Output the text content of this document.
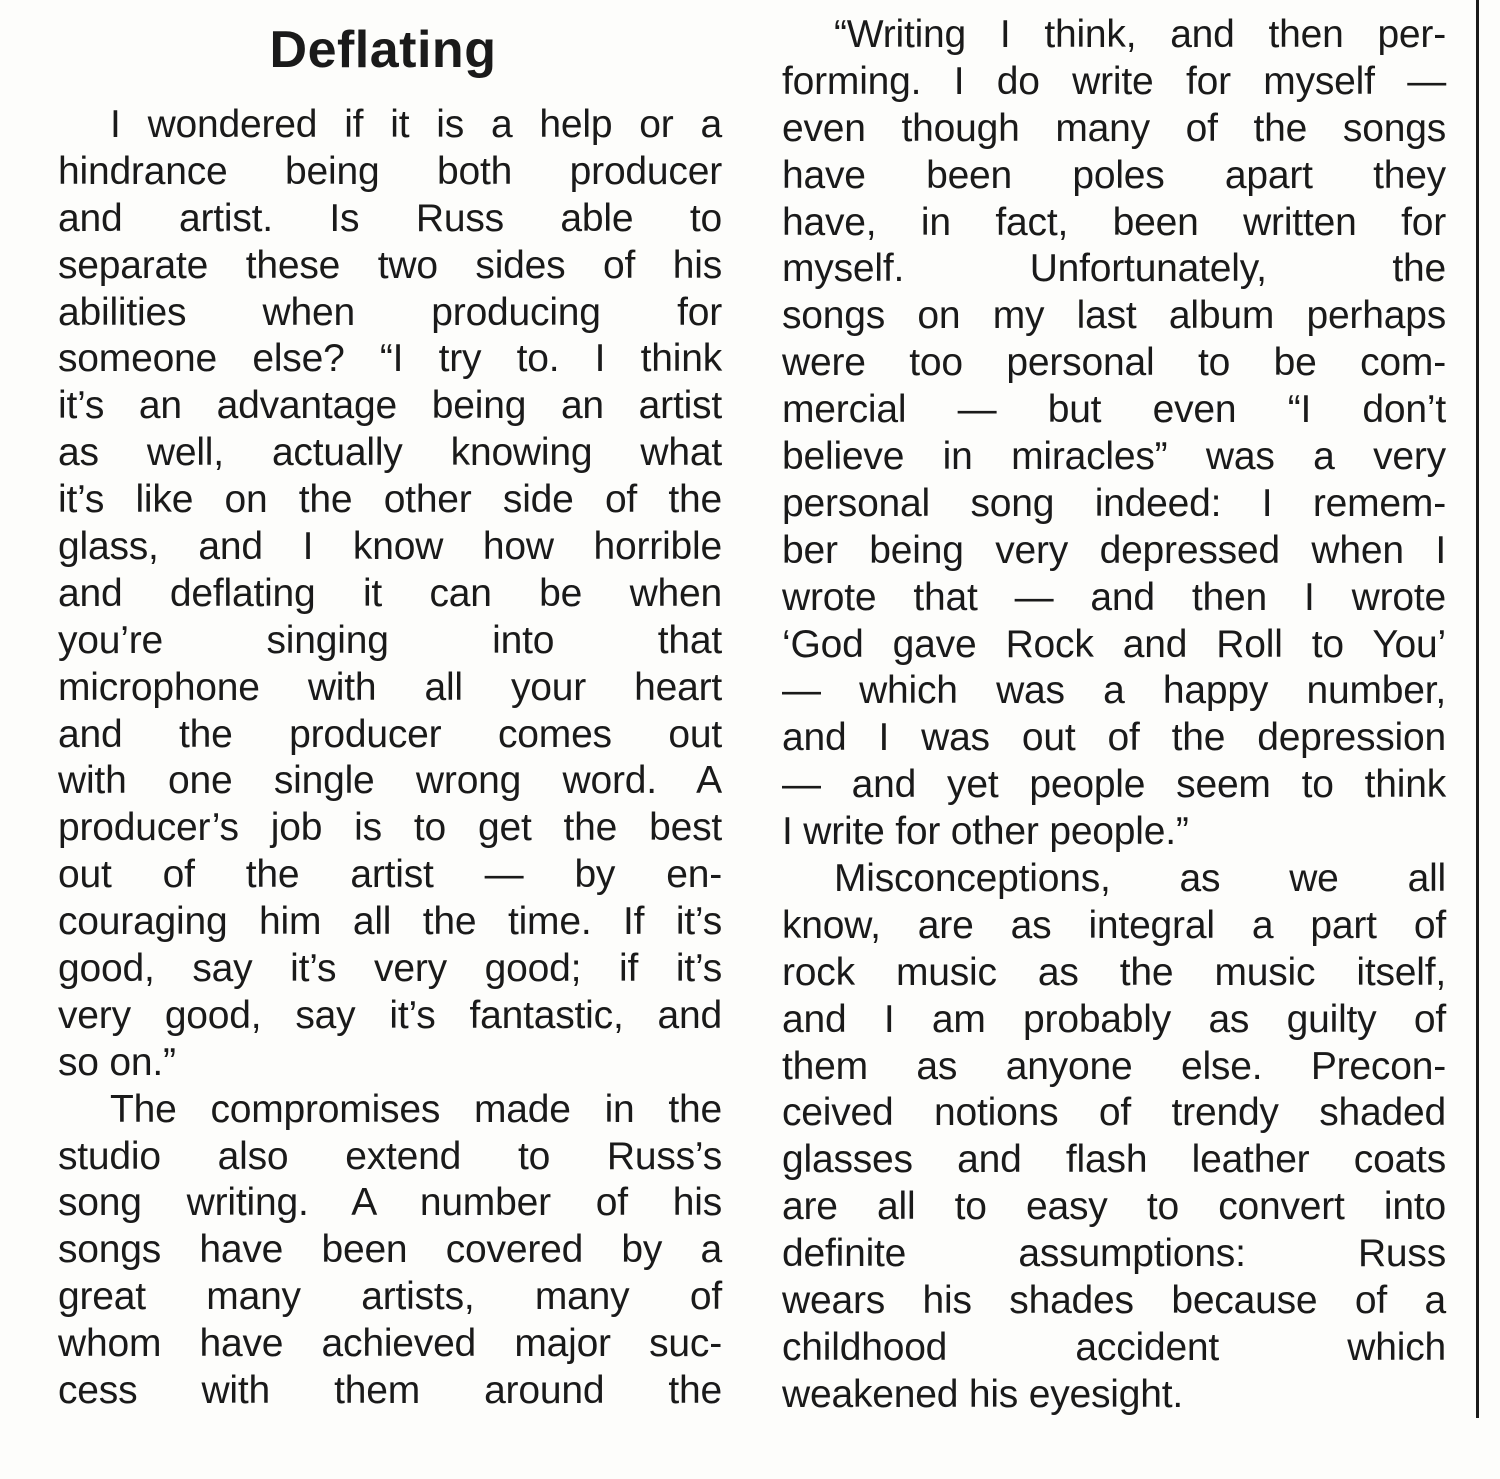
Deflating
I wondered if it is a help or a
hindrance being both producer
and artist. Is Russ able to
separate these two sides of his
abilities when producing for
someone else? “I try to. I think
it’s an advantage being an artist
as well, actually knowing what
it’s like on the other side of the
glass, and I know how horrible
and deflating it can be when
you’re singing into that
microphone with all your heart
and the producer comes out
with one single wrong word. A
producer’s job is to get the best
out of the artist — by en-
couraging him all the time. If it’s
good, say it’s very good; if it’s
very good, say it’s fantastic, and
so on.”
The compromises made in the
studio also extend to Russ’s
song writing. A number of his
songs have been covered by a
great many artists, many of
whom have achieved major suc-
cess with them around the
“Writing I think, and then per-
forming. I do write for myself —
even though many of the songs
have been poles apart they
have, in fact, been written for
myself. Unfortunately, the
songs on my last album perhaps
were too personal to be com-
mercial — but even “I don’t
believe in miracles” was a very
personal song indeed: I remem-
ber being very depressed when I
wrote that — and then I wrote
‘God gave Rock and Roll to You’
— which was a happy number,
and I was out of the depression
— and yet people seem to think
I write for other people.”
Misconceptions, as we all
know, are as integral a part of
rock music as the music itself,
and I am probably as guilty of
them as anyone else. Precon-
ceived notions of trendy shaded
glasses and flash leather coats
are all to easy to convert into
definite assumptions: Russ
wears his shades because of a
childhood accident which
weakened his eyesight.
